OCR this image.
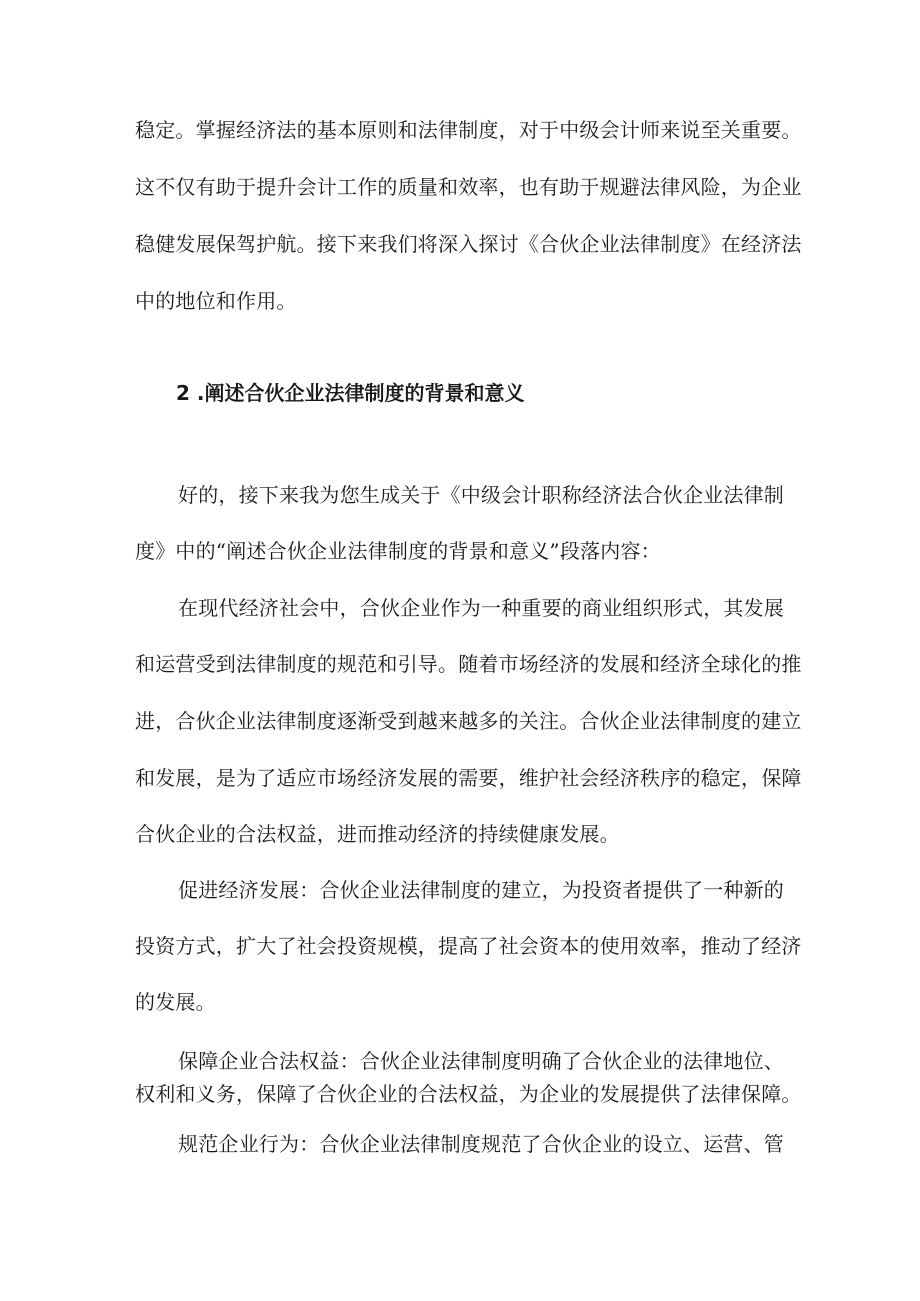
稳定。掌握经济法的基本原则和法律制度，对于中级会计师来说至关重要。

这不仅有助于提升会计工作的质量和效率，也有助于规避法律风险，为企业

稳健发展保驾护航。接下来我们将深入探讨《合伙企业法律制度》在经济法

中的地位和作用。

2 .阐述合伙企业法律制度的背景和意义

好的，接下来我为您生成关于《中级会计职称经济法合伙企业法律制

度》中的“阐述合伙企业法律制度的背景和意义”段落内容：

在现代经济社会中，合伙企业作为一种重要的商业组织形式，其发展

和运营受到法律制度的规范和引导。随着市场经济的发展和经济全球化的推

进，合伙企业法律制度逐渐受到越来越多的关注。合伙企业法律制度的建立

和发展，是为了适应市场经济发展的需要，维护社会经济秩序的稳定，保障

合伙企业的合法权益，进而推动经济的持续健康发展。

促进经济发展：合伙企业法律制度的建立，为投资者提供了一种新的

投资方式，扩大了社会投资规模，提高了社会资本的使用效率，推动了经济

的发展。

保障企业合法权益：合伙企业法律制度明确了合伙企业的法律地位、

权利和义务，保障了合伙企业的合法权益，为企业的发展提供了法律保障。

规范企业行为：合伙企业法律制度规范了合伙企业的设立、运营、管
